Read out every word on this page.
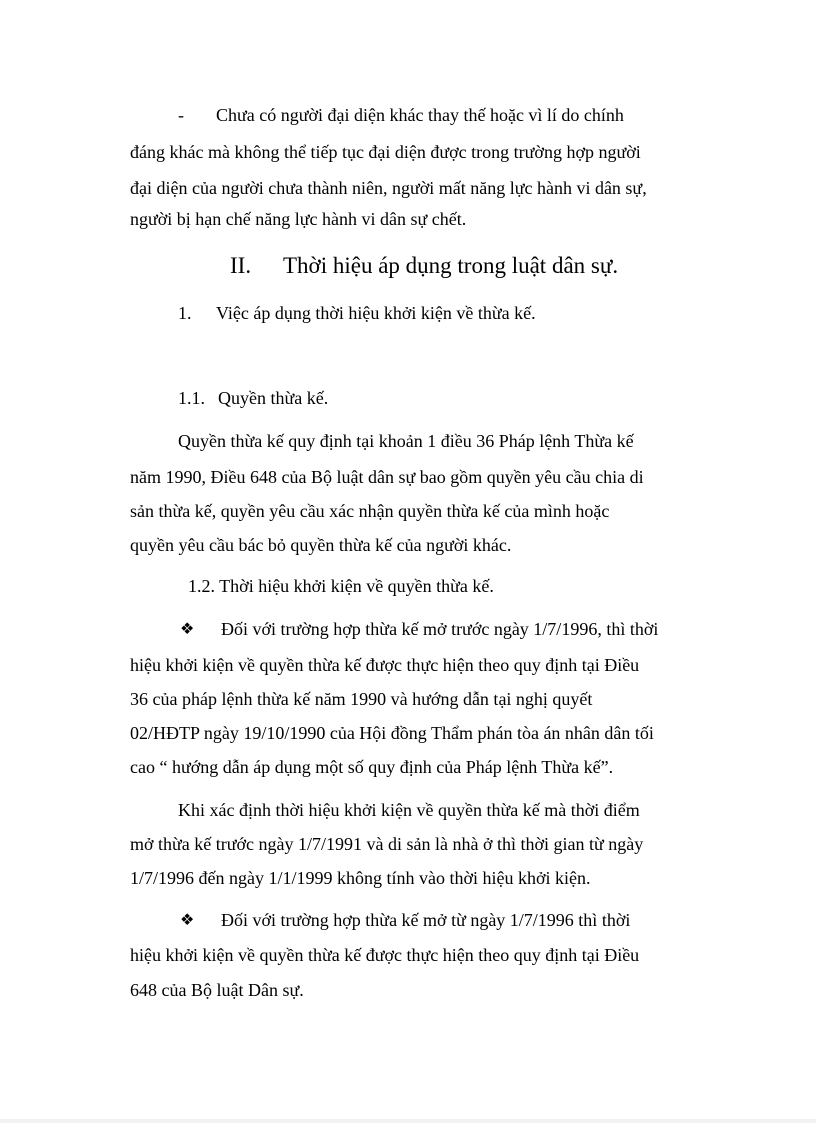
- Chưa có người đại diện khác thay thế hoặc vì lí do chính
đáng khác mà không thể tiếp tục đại diện được trong trường hợp người
đại diện của người chưa thành niên, người mất năng lực hành vi dân sự,
người bị hạn chế năng lực hành vi dân sự chết.
II. Thời hiệu áp dụng trong luật dân sự.
1. Việc áp dụng thời hiệu khởi kiện về thừa kế.
1.1. Quyền thừa kế.
Quyền thừa kế quy định tại khoản 1 điều 36 Pháp lệnh Thừa kế
năm 1990, Điều 648 của Bộ luật dân sự bao gồm quyền yêu cầu chia di
sản thừa kế, quyền yêu cầu xác nhận quyền thừa kế của mình hoặc
quyền yêu cầu bác bỏ quyền thừa kế của người khác.
1.2. Thời hiệu khởi kiện về quyền thừa kế.
❖ Đối với trường hợp thừa kế mở trước ngày 1/7/1996, thì thời
hiệu khởi kiện về quyền thừa kế được thực hiện theo quy định tại Điều
36 của pháp lệnh thừa kế năm 1990 và hướng dẫn tại nghị quyết
02/HĐTP ngày 19/10/1990 của Hội đồng Thẩm phán tòa án nhân dân tối
cao “ hướng dẫn áp dụng một số quy định của Pháp lệnh Thừa kế”.
Khi xác định thời hiệu khởi kiện về quyền thừa kế mà thời điểm
mở thừa kế trước ngày 1/7/1991 và di sản là nhà ở thì thời gian từ ngày
1/7/1996 đến ngày 1/1/1999 không tính vào thời hiệu khởi kiện.
❖ Đối với trường hợp thừa kế mở từ ngày 1/7/1996 thì thời
hiệu khởi kiện về quyền thừa kế được thực hiện theo quy định tại Điều
648 của Bộ luật Dân sự.
